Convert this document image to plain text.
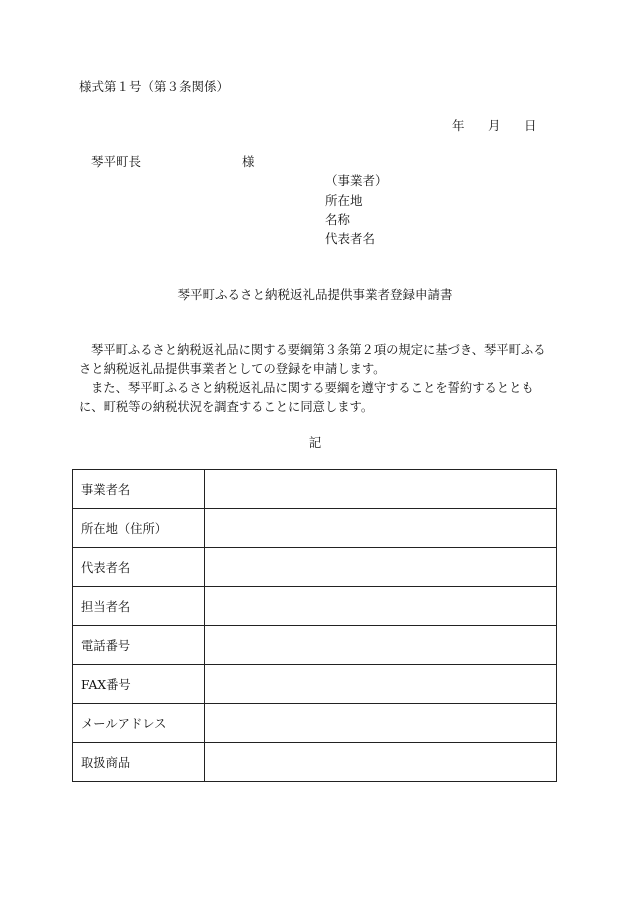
様式第１号（第３条関係）
年 月 日
琴平町長	様
（事業者）
所在地
名称
代表者名
琴平町ふるさと納税返礼品提供事業者登録申請書

琴平町ふるさと納税返礼品に関する要綱第３条第２項の規定に基づき、琴平町ふるさと納税返礼品提供事業者としての登録を申請します。

また、琴平町ふるさと納税返礼品に関する要綱を遵守することを誓約するとともに、町税等の納税状況を調査することに同意します。

記
事業者名	
所在地（住所）	
代表者名	
担当者名	
電話番号	
FAX番号	
メールアドレス	
取扱商品	
